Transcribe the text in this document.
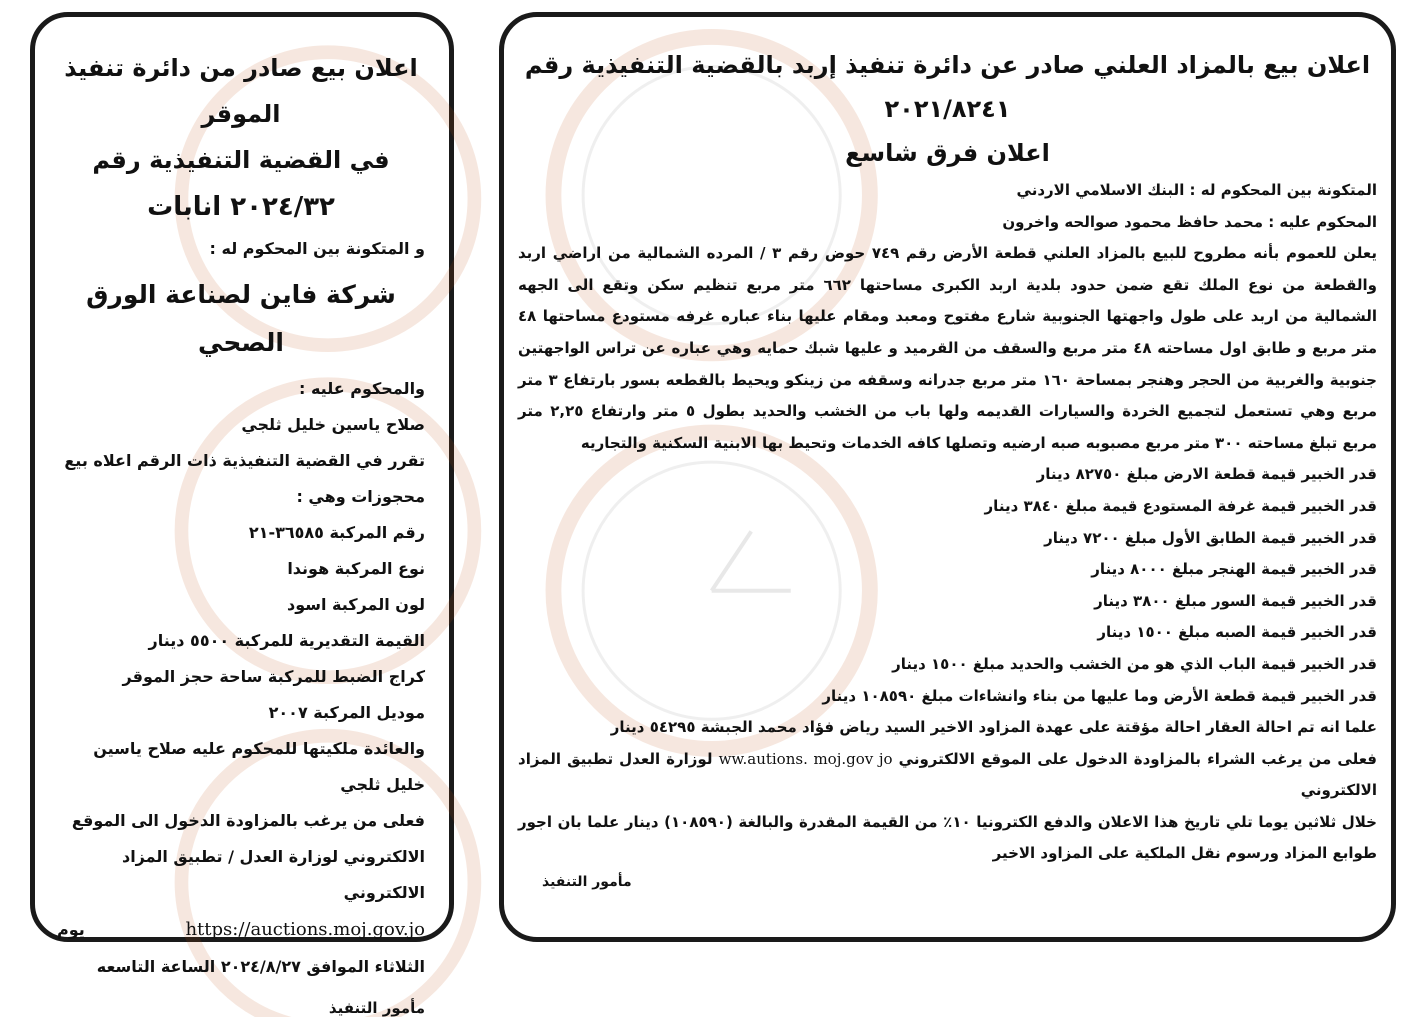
اعلان بيع صادر من دائرة تنفيذ الموقر
في القضية التنفيذية رقم
٢٠٢٤/٣٢ انابات
و المتكونة بين المحكوم له :
شركة فاين لصناعة الورق الصحي
والمحكوم عليه :
صلاح ياسين خليل ثلجي
تقرر في القضية التنفيذية ذات الرقم اعلاه بيع محجوزات وهي :
رقم المركبة ٣٦٥٨٥-٢١
نوع المركبة هوندا
لون المركبة اسود
القيمة التقديرية للمركبة ٥٥٠٠ دينار
كراج الضبط للمركبة ساحة حجز الموقر
موديل المركبة ٢٠٠٧
والعائدة ملكيتها للمحكوم عليه صلاح ياسين خليل ثلجي
فعلى من يرغب بالمزاودة الدخول الى الموقع الالكتروني لوزارة العدل / تطبيق المزاد الالكتروني
يوم	https://auctions.moj.gov.jo
الثلاثاء الموافق ٢٠٢٤/٨/٢٧ الساعة التاسعه
مأمور التنفيذ
اعلان بيع بالمزاد العلني صادر عن دائرة تنفيذ إربد بالقضية التنفيذية رقم ٢٠٢١/٨٢٤١
اعلان فرق شاسع
المتكونة بين المحكوم له : البنك الاسلامي الاردني
المحكوم عليه : محمد حافظ محمود صوالحه واخرون
يعلن للعموم بأنه مطروح للبيع بالمزاد العلني قطعة الأرض رقم ٧٤٩ حوض رقم ٣ / المرده الشمالية من اراضي اربد والقطعة من نوع الملك تقع ضمن حدود بلدية اربد الكبرى مساحتها ٦٦٢ متر مربع تنظيم سكن وتقع الى الجهه الشمالية من اربد على طول واجهتها الجنوبية شارع مفتوح ومعبد ومقام عليها بناء عباره غرفه مستودع مساحتها ٤٨ متر مربع و طابق اول مساحته ٤٨ متر مربع والسقف من القرميد و عليها شبك حمايه وهي عباره عن تراس الواجهتين جنوبية والغربية من الحجر وهنجر بمساحة ١٦٠ متر مربع جدرانه وسقفه من زينكو ويحيط بالقطعه بسور بارتفاع ٣ متر مربع وهي تستعمل لتجميع الخردة والسيارات القديمه ولها باب من الخشب والحديد بطول ٥ متر وارتفاع ٢,٢٥ متر مربع تبلغ مساحته ٣٠٠ متر مربع مصبوبه صبه ارضيه وتصلها كافه الخدمات وتحيط بها الابنية السكنية والتجاريه
قدر الخبير قيمة قطعة الارض مبلغ ٨٢٧٥٠ دينار
قدر الخبير قيمة غرفة المستودع قيمة مبلغ ٣٨٤٠ دينار
قدر الخبير قيمة الطابق الأول مبلغ ٧٢٠٠ دينار
قدر الخبير قيمة الهنجر مبلغ ٨٠٠٠ دينار
قدر الخبير قيمة السور مبلغ ٣٨٠٠ دينار
قدر الخبير قيمة الصبه مبلغ ١٥٠٠ دينار
قدر الخبير قيمة الباب الذي هو من الخشب والحديد مبلغ ١٥٠٠ دينار
قدر الخبير قيمة قطعة الأرض وما عليها من بناء وانشاءات مبلغ ١٠٨٥٩٠ دينار
علما انه تم احالة العقار احالة مؤقتة على عهدة المزاود الاخير السيد رياض فؤاد محمد الجبشة ٥٤٢٩٥ دينار
فعلى من يرغب الشراء بالمزاودة الدخول على الموقع الالكتروني ww.autions. moj.gov jo لوزارة العدل تطبيق المزاد الالكتروني
خلال ثلاثين يوما تلي تاريخ هذا الاعلان والدفع الكترونيا ١٠٪ من القيمة المقدرة والبالغة (١٠٨٥٩٠) دينار علما بان اجور طوابع المزاد ورسوم نقل الملكية على المزاود الاخير
مأمور التنفيذ
